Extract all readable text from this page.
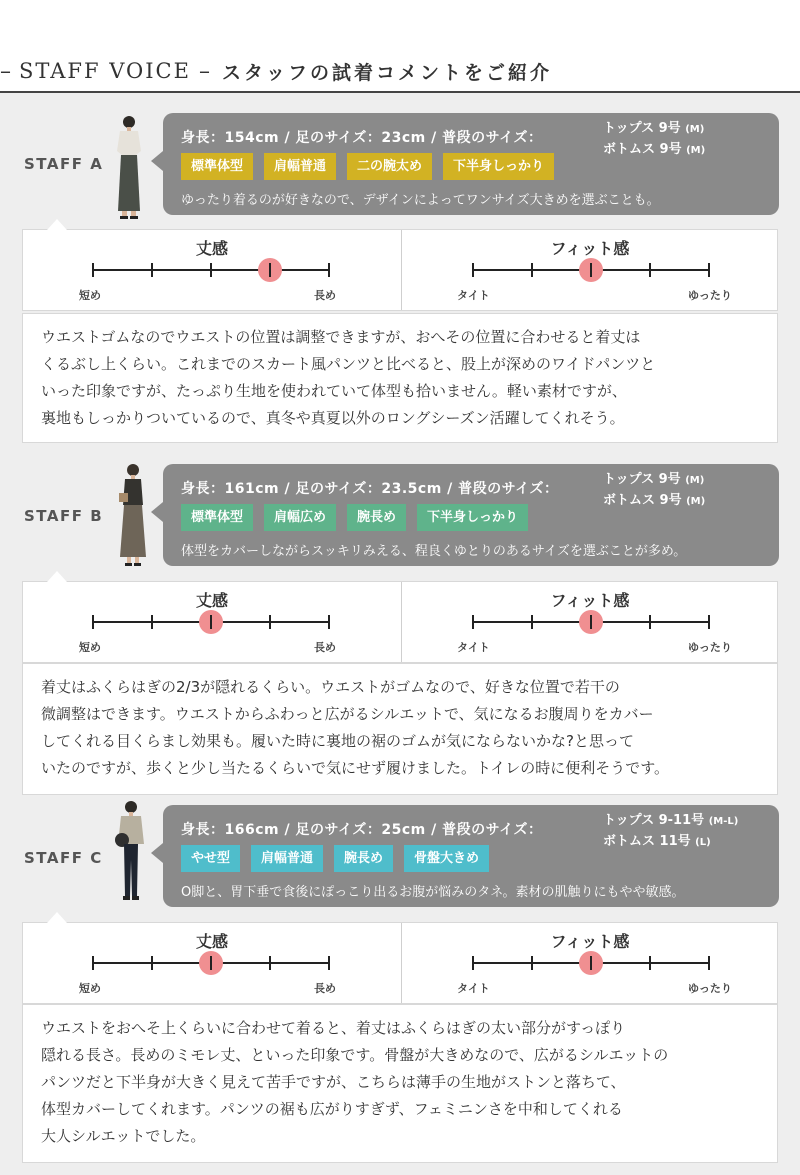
– STAFF VOICE – スタッフの試着コメントをご紹介
STAFF A
身長：154cm / 足のサイズ：23cm / 普段のサイズ：
トップス 9号 (M)
ボトムス 9号 (M)
標準体型	肩幅普通	二の腕太め	下半身しっかり
ゆったり着るのが好きなので、デザインによってワンサイズ大きめを選ぶことも。
丈感
短め	長め
フィット感
タイト	ゆったり

ウエストゴムなのでウエストの位置は調整できますが、おへその位置に合わせると着丈は

くるぶし上くらい。これまでのスカート風パンツと比べると、股上が深めのワイドパンツと

いった印象ですが、たっぷり生地を使われていて体型も拾いません。軽い素材ですが、

裏地もしっかりついているので、真冬や真夏以外のロングシーズン活躍してくれそう。

STAFF B
身長：161cm / 足のサイズ：23.5cm / 普段のサイズ：
トップス 9号 (M)
ボトムス 9号 (M)
標準体型	肩幅広め	腕長め	下半身しっかり
体型をカバーしながらスッキリみえる、程良くゆとりのあるサイズを選ぶことが多め。
丈感
短め	長め
フィット感
タイト	ゆったり

着丈はふくらはぎの2/3が隠れるくらい。ウエストがゴムなので、好きな位置で若干の

微調整はできます。ウエストからふわっと広がるシルエットで、気になるお腹周りをカバー

してくれる目くらまし効果も。履いた時に裏地の裾のゴムが気にならないかな?と思って

いたのですが、歩くと少し当たるくらいで気にせず履けました。トイレの時に便利そうです。

STAFF C
身長：166cm / 足のサイズ：25cm / 普段のサイズ：
トップス 9-11号 (M-L)
ボトムス 11号 (L)
やせ型	肩幅普通	腕長め	骨盤大きめ
O脚と、胃下垂で食後にぽっこり出るお腹が悩みのタネ。素材の肌触りにもやや敏感。
丈感
短め	長め
フィット感
タイト	ゆったり

ウエストをおへそ上くらいに合わせて着ると、着丈はふくらはぎの太い部分がすっぽり

隠れる長さ。長めのミモレ丈、といった印象です。骨盤が大きめなので、広がるシルエットの

パンツだと下半身が大きく見えて苦手ですが、こちらは薄手の生地がストンと落ちて、

体型カバーしてくれます。パンツの裾も広がりすぎず、フェミニンさを中和してくれる

大人シルエットでした。
